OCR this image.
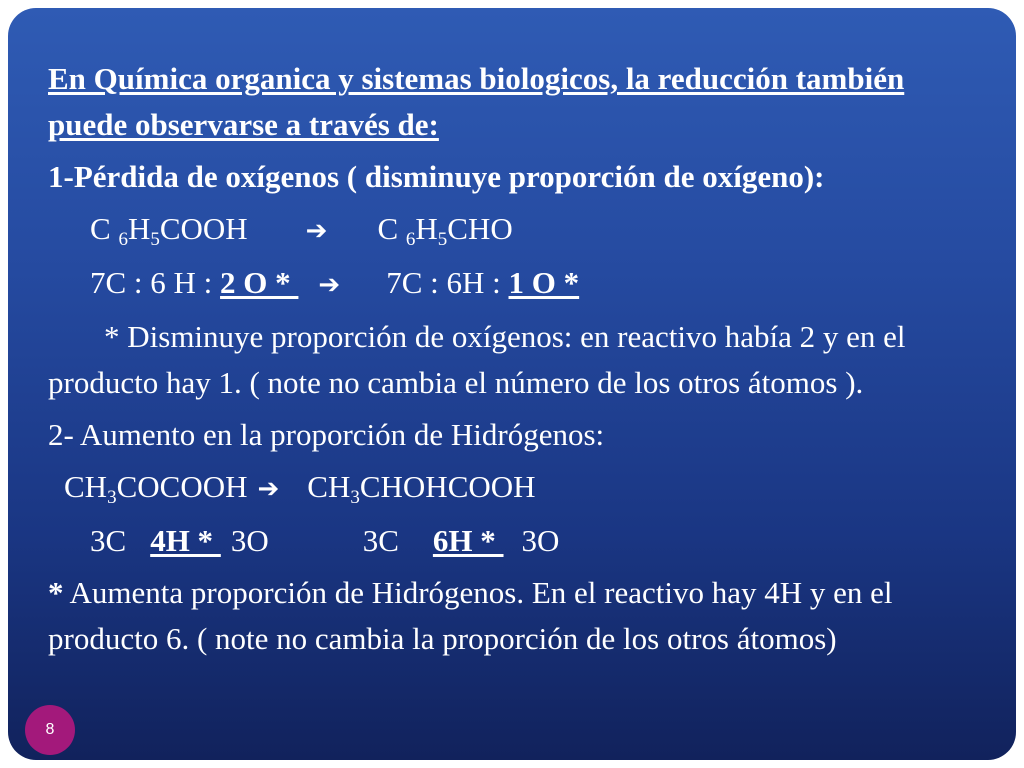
En Química organica y sistemas biologicos, la reducción también puede observarse a través de:

1-Pérdida de oxígenos ( disminuye proporción de oxígeno):

C $_6H_5COOH$ ➔ C $_6H_5CHO$

7C : 6 H : 2 O * ➔ 7C : 6H : 1 O *

* Disminuye proporción de oxígenos: en reactivo había 2 y en el producto hay 1. ( note no cambia el número de los otros átomos ).

2- Aumento en la proporción de Hidrógenos:

$CH_3COCOOH$ ➔ $CH_3CHOHCOOH$

3C 4H * 3O	3C 6H * 3O

* Aumenta proporción de Hidrógenos. En el reactivo hay 4H y en el producto 6. ( note no cambia la proporción de los otros átomos)

8
